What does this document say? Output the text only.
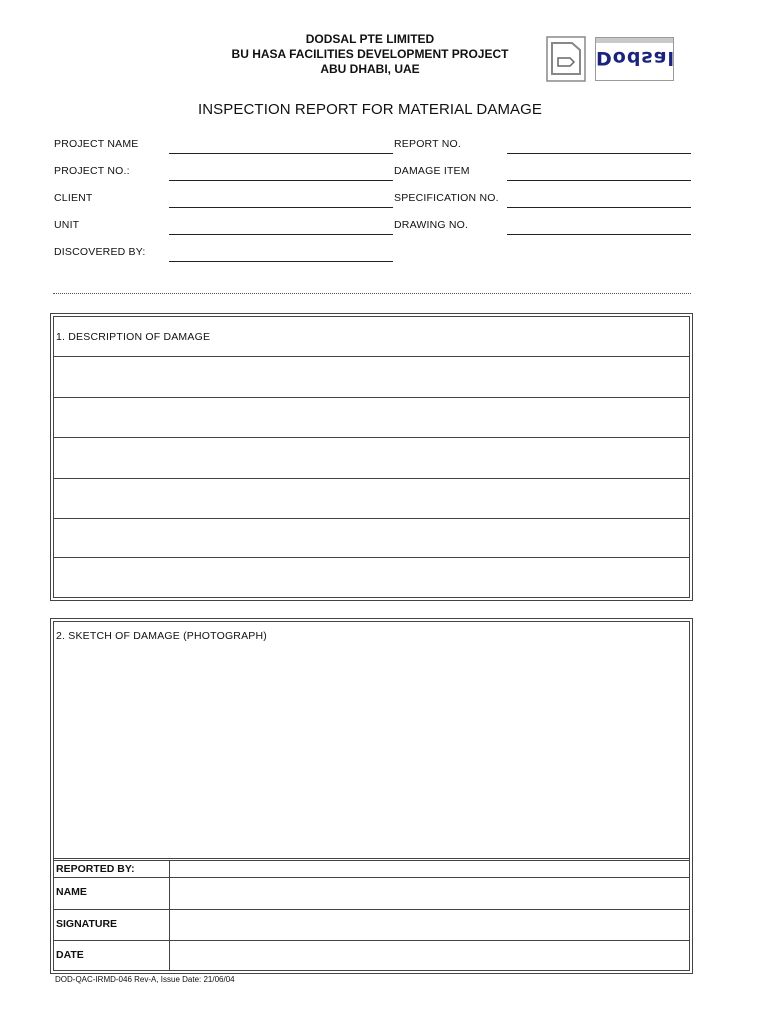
DODSAL PTE LIMITED
BU HASA FACILITIES DEVELOPMENT PROJECT
ABU DHABI, UAE	Dodsal
INSPECTION REPORT FOR MATERIAL DAMAGE
PROJECT NAME
PROJECT NO.:
CLIENT
UNIT
DISCOVERED BY:
REPORT NO.
DAMAGE ITEM
SPECIFICATION NO.
DRAWING NO.
1. DESCRIPTION OF DAMAGE
2. SKETCH OF DAMAGE (PHOTOGRAPH)
REPORTED BY:
NAME
SIGNATURE
DATE
DOD-QAC-IRMD-046 Rev-A, Issue Date: 21/06/04
